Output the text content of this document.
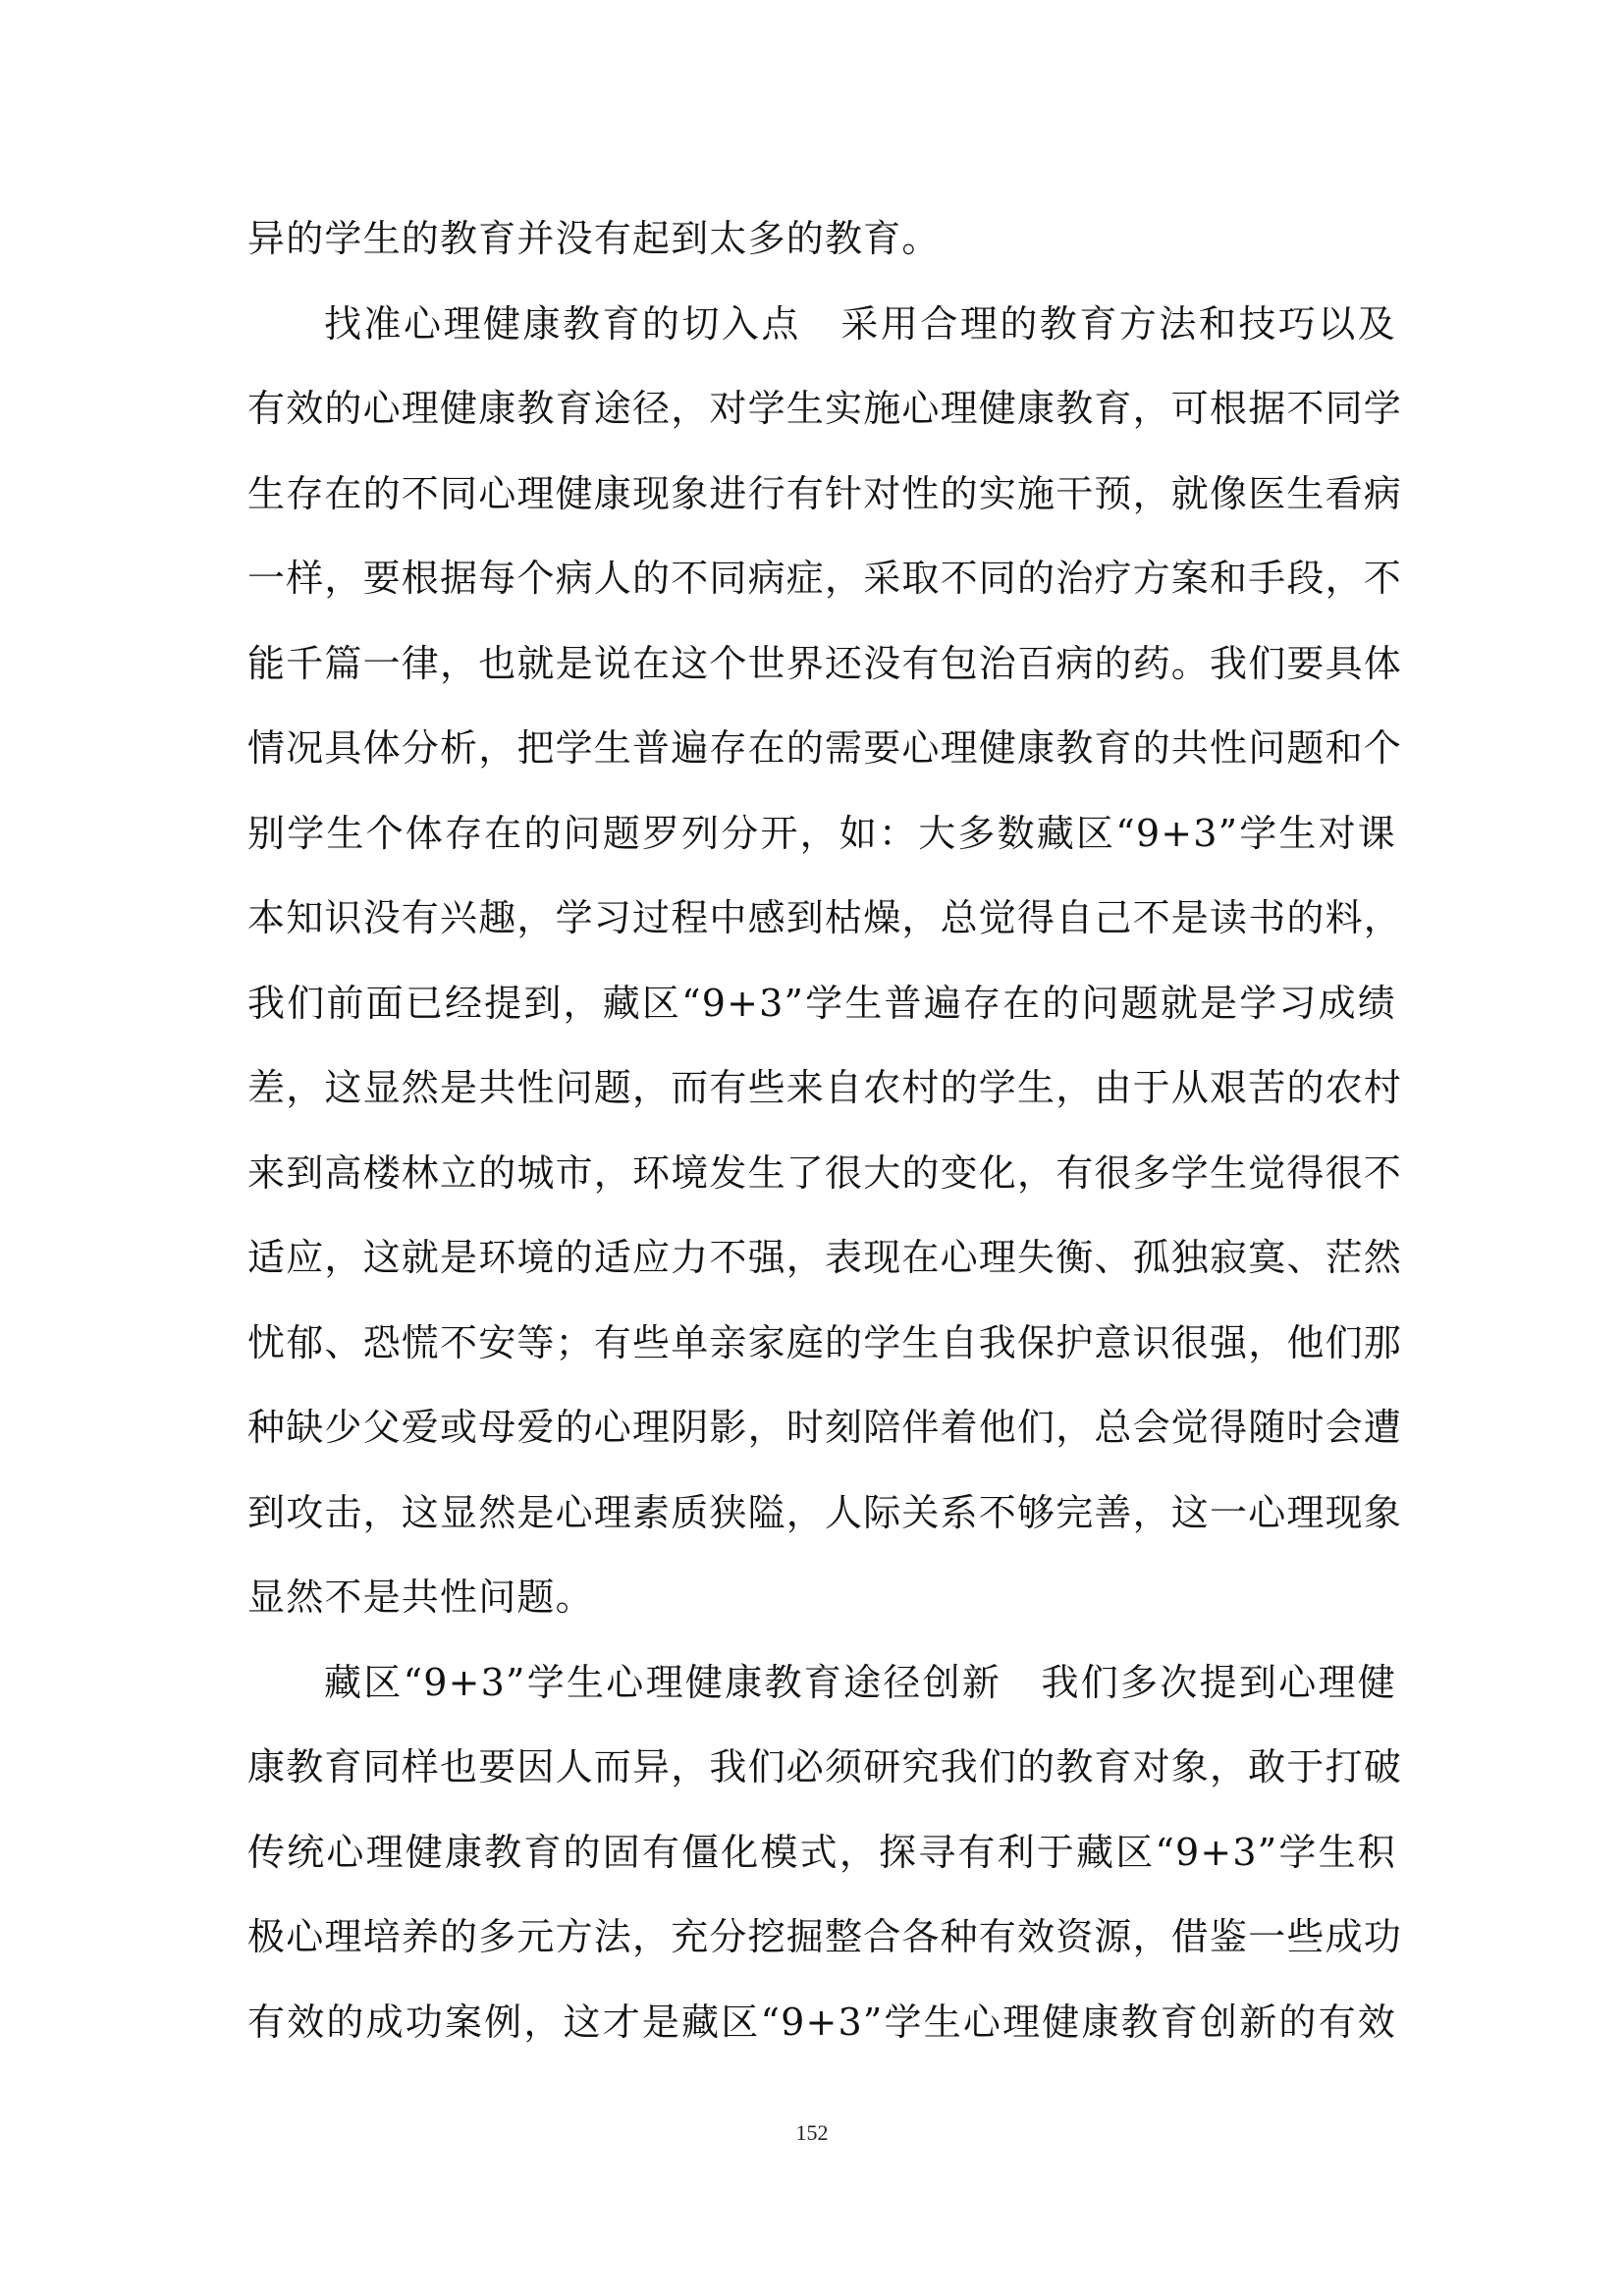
异的学生的教育并没有起到太多的教育。
找准心理健康教育的切入点　采用合理的教育方法和技巧以及
有效的心理健康教育途径，对学生实施心理健康教育，可根据不同学
生存在的不同心理健康现象进行有针对性的实施干预，就像医生看病
一样，要根据每个病人的不同病症，采取不同的治疗方案和手段，不
能千篇一律，也就是说在这个世界还没有包治百病的药。我们要具体
情况具体分析，把学生普遍存在的需要心理健康教育的共性问题和个
别学生个体存在的问题罗列分开，如：大多数藏区“9+3”学生对课
本知识没有兴趣，学习过程中感到枯燥，总觉得自己不是读书的料，
我们前面已经提到，藏区“9+3”学生普遍存在的问题就是学习成绩
差，这显然是共性问题，而有些来自农村的学生，由于从艰苦的农村
来到高楼林立的城市，环境发生了很大的变化，有很多学生觉得很不
适应，这就是环境的适应力不强，表现在心理失衡、孤独寂寞、茫然
忧郁、恐慌不安等；有些单亲家庭的学生自我保护意识很强，他们那
种缺少父爱或母爱的心理阴影，时刻陪伴着他们，总会觉得随时会遭
到攻击，这显然是心理素质狭隘，人际关系不够完善，这一心理现象
显然不是共性问题。
藏区“9+3”学生心理健康教育途径创新　我们多次提到心理健
康教育同样也要因人而异，我们必须研究我们的教育对象，敢于打破
传统心理健康教育的固有僵化模式，探寻有利于藏区“9+3”学生积
极心理培养的多元方法，充分挖掘整合各种有效资源，借鉴一些成功
有效的成功案例，这才是藏区“9+3”学生心理健康教育创新的有效
152
